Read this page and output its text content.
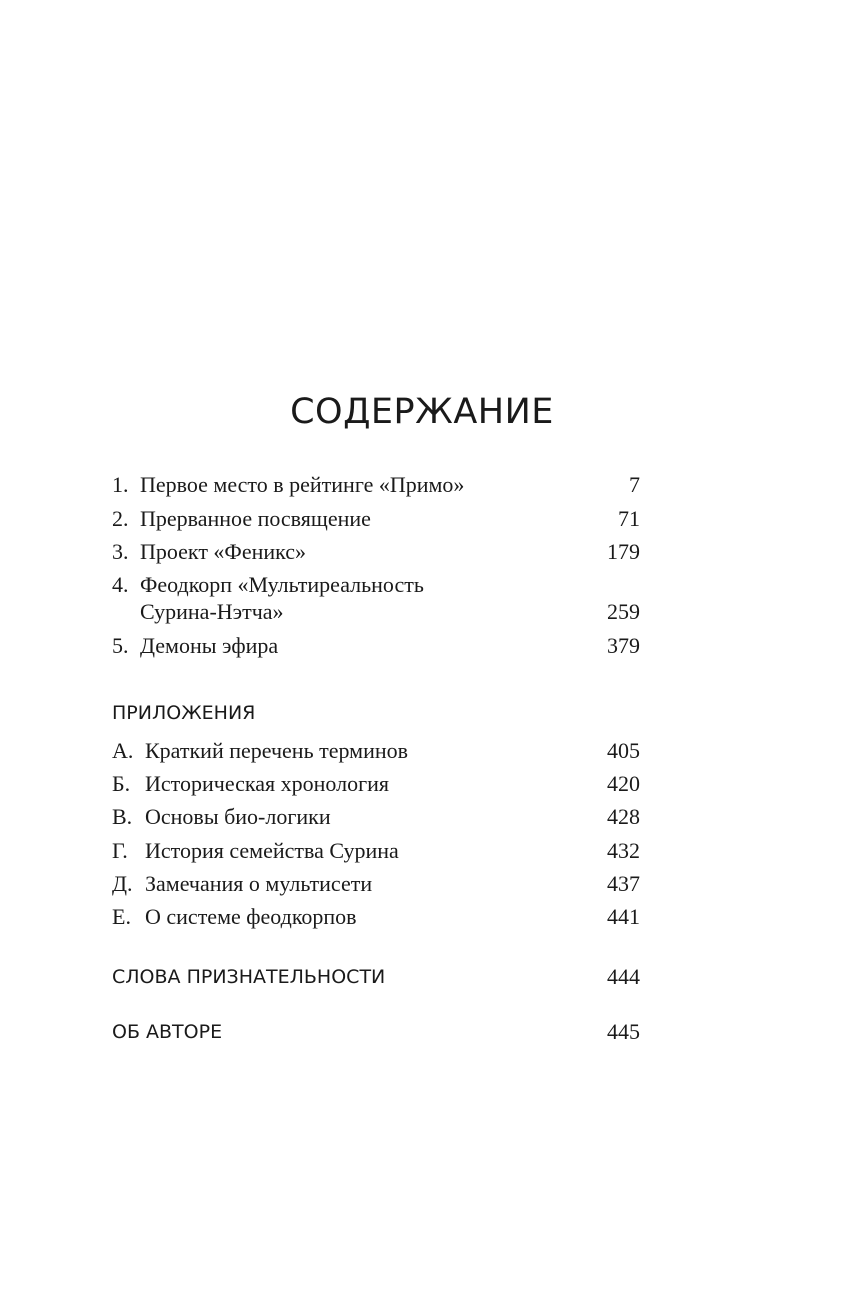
СОДЕРЖАНИЕ
1. Первое место в рейтинге «Примо»	7
2. Прерванное посвящение	71
3. Проект «Феникс»	179
4. Феодкорп «Мультиреальность
Сурина-Нэтча»	259
5. Демоны эфира	379
ПРИЛОЖЕНИЯ
А. Краткий перечень терминов	405
Б. Историческая хронология	420
В. Основы био-логики	428
Г. История семейства Сурина	432
Д. Замечания о мультисети	437
Е. О системе феодкорпов	441
СЛОВА ПРИЗНАТЕЛЬНОСТИ	444
ОБ АВТОРЕ	445
